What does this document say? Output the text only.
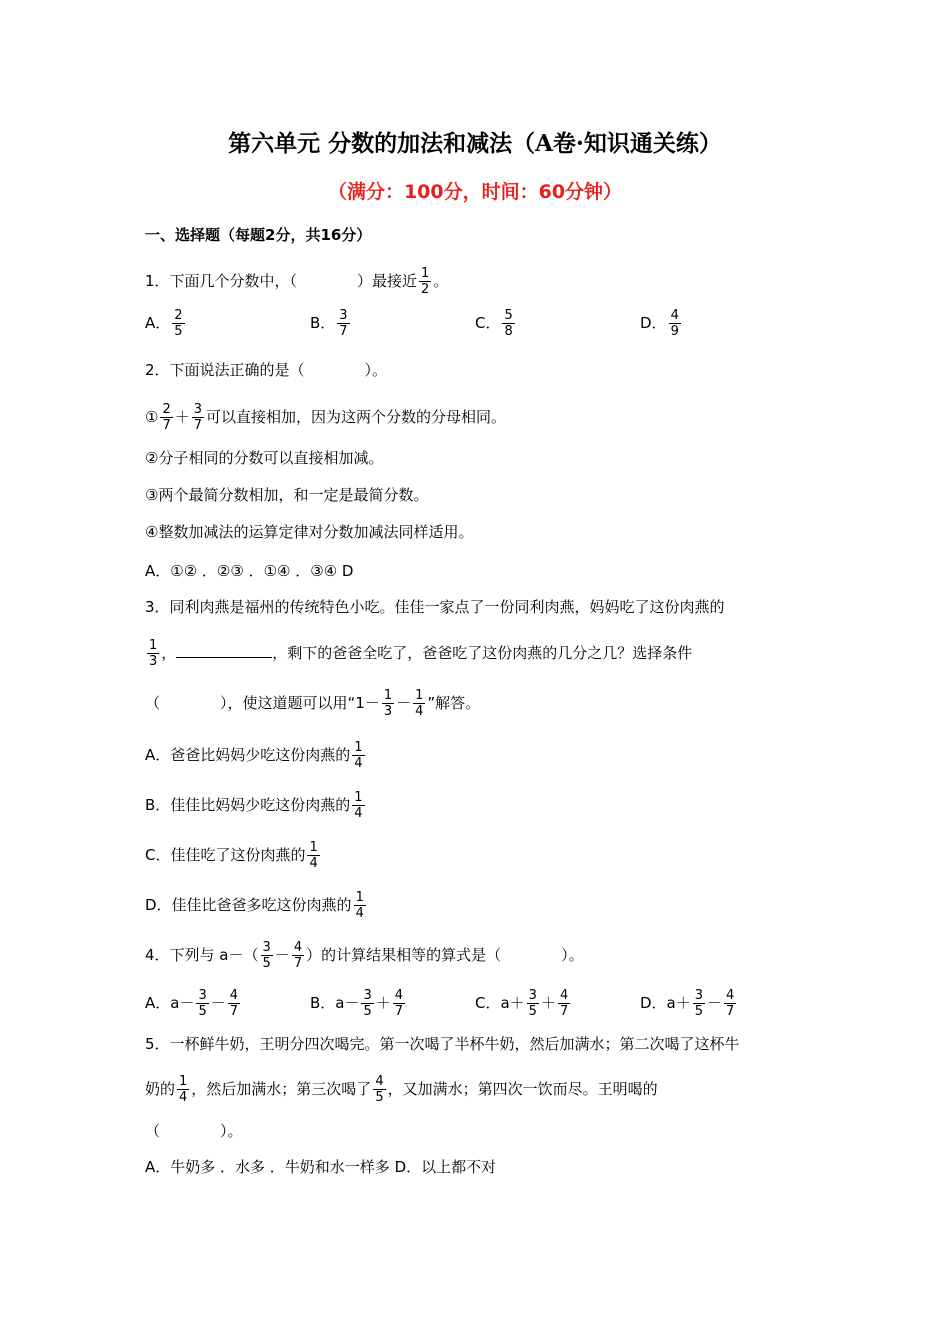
第六单元 分数的加法和减法（A卷·知识通关练）
（满分：100分，时间：60分钟）
一、选择题（每题2分，共16分）
1．下面几个分数中，（　　　　）最接近 $\frac{1}{2}$ 。
A． $\frac{2}{5}$	B． $\frac{3}{7}$	C． $\frac{5}{8}$	D． $\frac{4}{9}$
2．下面说法正确的是（　　　　）。
① $\frac{2}{7} + \frac{3}{7}$ 可以直接相加，因为这两个分数的分母相同。
②分子相同的分数可以直接相加减。
③两个最简分数相加，和一定是最简分数。
④整数加减法的运算定律对分数加减法同样适用。
A．①② ．②③ ．①④ ．③④ D
3．同利肉燕是福州的传统特色小吃。佳佳一家点了一份同利肉燕，妈妈吃了这份肉燕的
$\frac{1}{3}$ ，	，剩下的爸爸全吃了，爸爸吃了这份肉燕的几分之几？选择条件
（　　　　），使这道题可以用“$1- \frac{1}{3} - \frac{1}{4}$ ”解答。
A．爸爸比妈妈少吃这份肉燕的 $\frac{1}{4}$
B．佳佳比妈妈少吃这份肉燕的 $\frac{1}{4}$
C．佳佳吃了这份肉燕的 $\frac{1}{4}$
D．佳佳比爸爸多吃这份肉燕的 $\frac{1}{4}$
4．下列与 $a-( \frac{3}{5} - \frac{4}{7}$ ）的计算结果相等的算式是（　　　　）。
A．$a- \frac{3}{5} - \frac{4}{7}$	B．$a- \frac{3}{5} + \frac{4}{7}$	C．$a+ \frac{3}{5} + \frac{4}{7}$	D．$a+ \frac{3}{5} - \frac{4}{7}$
5．一杯鲜牛奶，王明分四次喝完。第一次喝了半杯牛奶，然后加满水；第二次喝了这杯牛
奶的 $\frac{1}{4}$ ，然后加满水；第三次喝了 $\frac{4}{5}$ ，又加满水；第四次一饮而尽。王明喝的
（　　　　）。
A．牛奶多 ．水多 ．牛奶和水一样多 D．以上都不对
